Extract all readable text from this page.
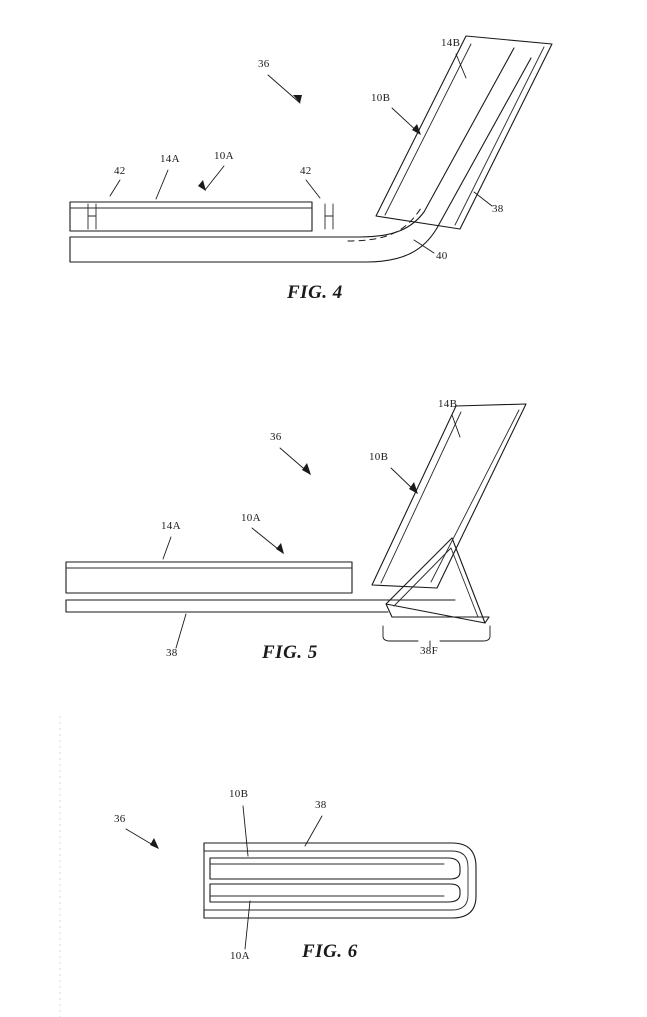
42
14A	10A
42
36
10B
14B
38
40
14A
10A
36
10B
14B
38	38F
10B
38
36
10A
FIG. 4
FIG. 5
FIG. 6
